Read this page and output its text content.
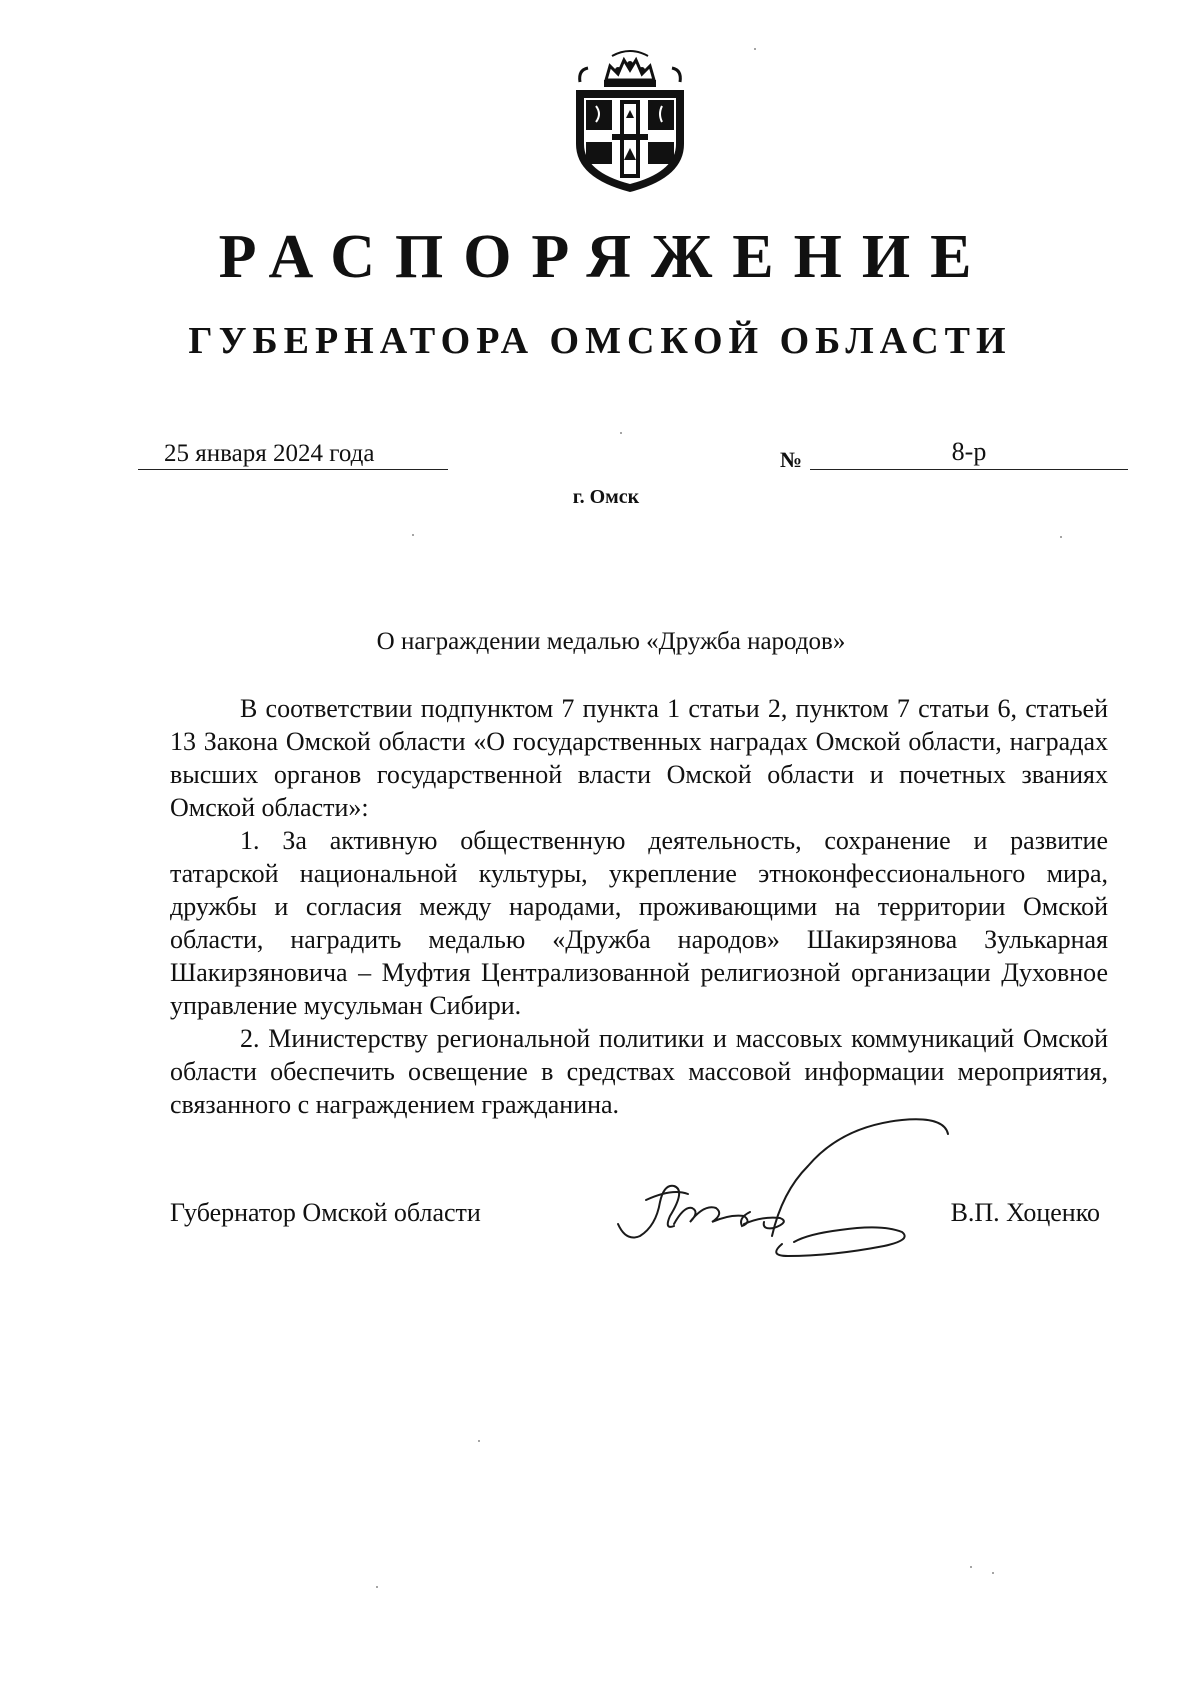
РАСПОРЯЖЕНИЕ
ГУБЕРНАТОРА ОМСКОЙ ОБЛАСТИ
25 января 2024 года	№	8-р
г. Омск
О награждении медалью «Дружба народов»

В соответствии подпунктом 7 пункта 1 статьи 2, пунктом 7 статьи 6, статьей 13 Закона Омской области «О государственных наградах Омской области, наградах высших органов государственной власти Омской области и почетных званиях Омской области»:

1. За активную общественную деятельность, сохранение и развитие татарской национальной культуры, укрепление этноконфессионального мира, дружбы и согласия между народами, проживающими на территории Омской области, наградить медалью «Дружба народов» Шакирзянова Зулькарная Шакирзяновича – Муфтия Централизованной религиозной организации Духовное управление мусульман Сибири.

2. Министерству региональной политики и массовых коммуникаций Омской области обеспечить освещение в средствах массовой информации мероприятия, связанного с награждением гражданина.

Губернатор Омской области	В.П. Хоценко
